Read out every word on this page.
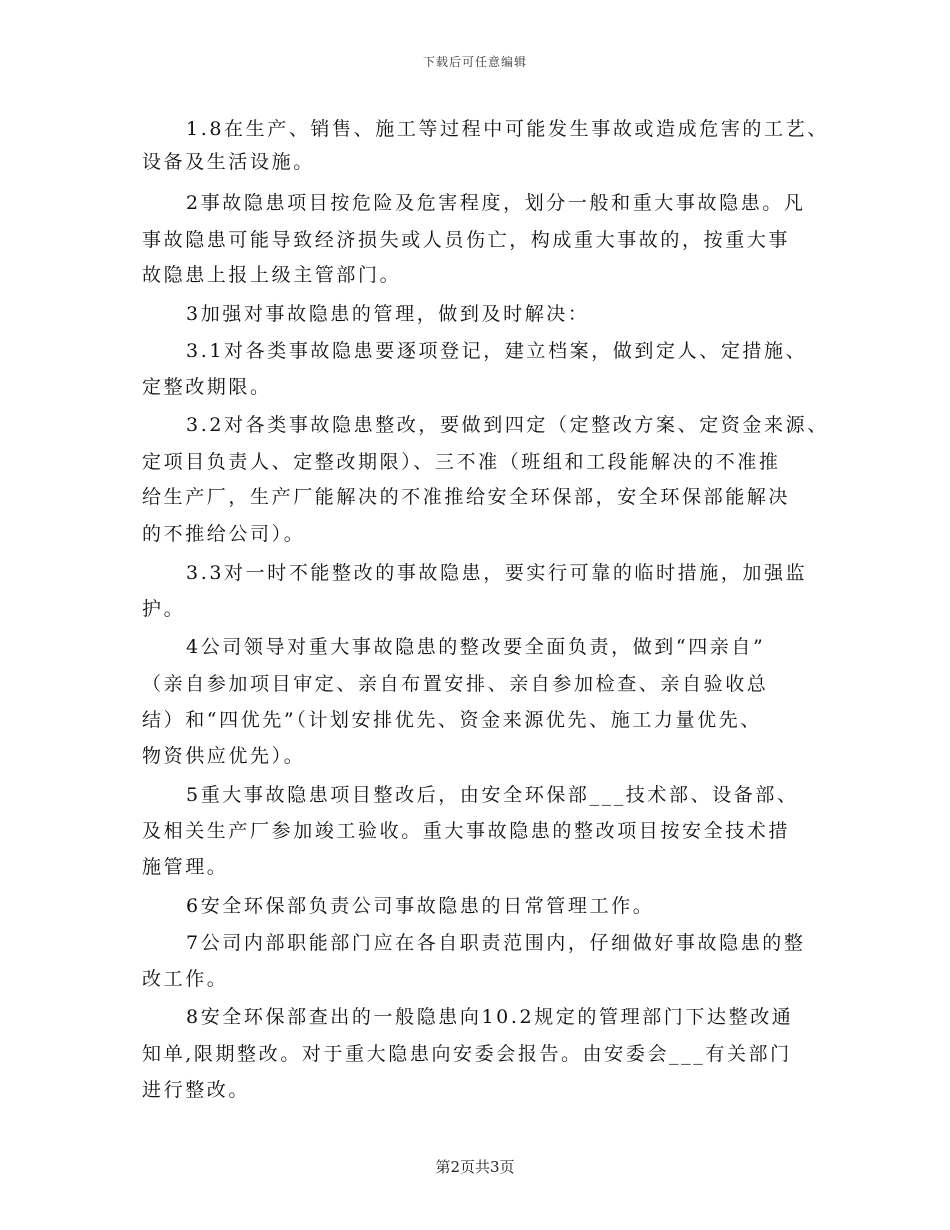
下载后可任意编辑
1.8在生产、销售、施工等过程中可能发生事故或造成危害的工艺、
设备及生活设施。
2事故隐患项目按危险及危害程度，划分一般和重大事故隐患。凡
事故隐患可能导致经济损失或人员伤亡，构成重大事故的，按重大事
故隐患上报上级主管部门。
3加强对事故隐患的管理，做到及时解决：
3.1对各类事故隐患要逐项登记，建立档案，做到定人、定措施、
定整改期限。
3.2对各类事故隐患整改，要做到四定（定整改方案、定资金来源、
定项目负责人、定整改期限）、三不准（班组和工段能解决的不准推
给生产厂，生产厂能解决的不准推给安全环保部，安全环保部能解决
的不推给公司）。
3.3对一时不能整改的事故隐患，要实行可靠的临时措施，加强监
护。
4公司领导对重大事故隐患的整改要全面负责，做到“四亲自”
（亲自参加项目审定、亲自布置安排、亲自参加检查、亲自验收总
结）和“四优先”（计划安排优先、资金来源优先、施工力量优先、
物资供应优先）。
5重大事故隐患项目整改后，由安全环保部___技术部、设备部、
及相关生产厂参加竣工验收。重大事故隐患的整改项目按安全技术措
施管理。
6安全环保部负责公司事故隐患的日常管理工作。
7公司内部职能部门应在各自职责范围内，仔细做好事故隐患的整
改工作。
8安全环保部查出的一般隐患向10.2规定的管理部门下达整改通
知单,限期整改。对于重大隐患向安委会报告。由安委会___有关部门
进行整改。
第2页共3页
